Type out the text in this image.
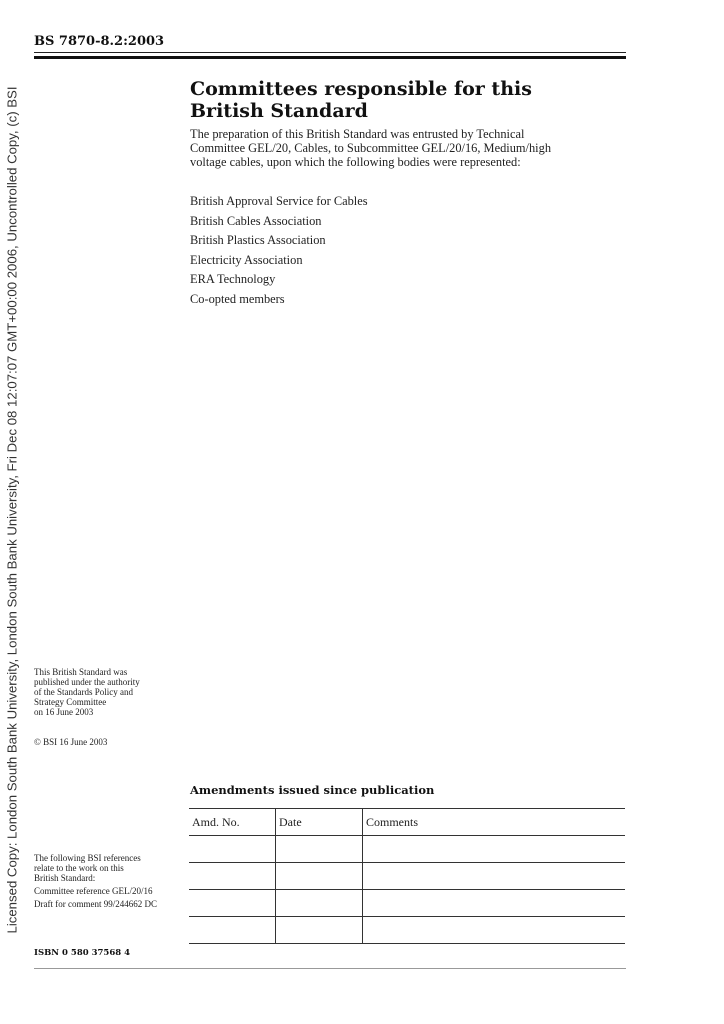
Licensed Copy: London South Bank University, London South Bank University, Fri Dec 08 12:07:07 GMT+00:00 2006, Uncontrolled Copy, (c) BSI
BS 7870-8.2:2003
Committees responsible for this
British Standard
The preparation of this British Standard was entrusted by Technical
Committee GEL/20, Cables, to Subcommittee GEL/20/16, Medium/high
voltage cables, upon which the following bodies were represented:
British Approval Service for Cables
British Cables Association
British Plastics Association
Electricity Association
ERA Technology
Co-opted members
This British Standard was
published under the authority
of the Standards Policy and
Strategy Committee
on 16 June 2003
© BSI 16 June 2003
Amendments issued since publication
Amd. No.	Date	Comments

The following BSI references
relate to the work on this
British Standard:
Committee reference GEL/20/16
Draft for comment 99/244662 DC
ISBN 0 580 37568 4
